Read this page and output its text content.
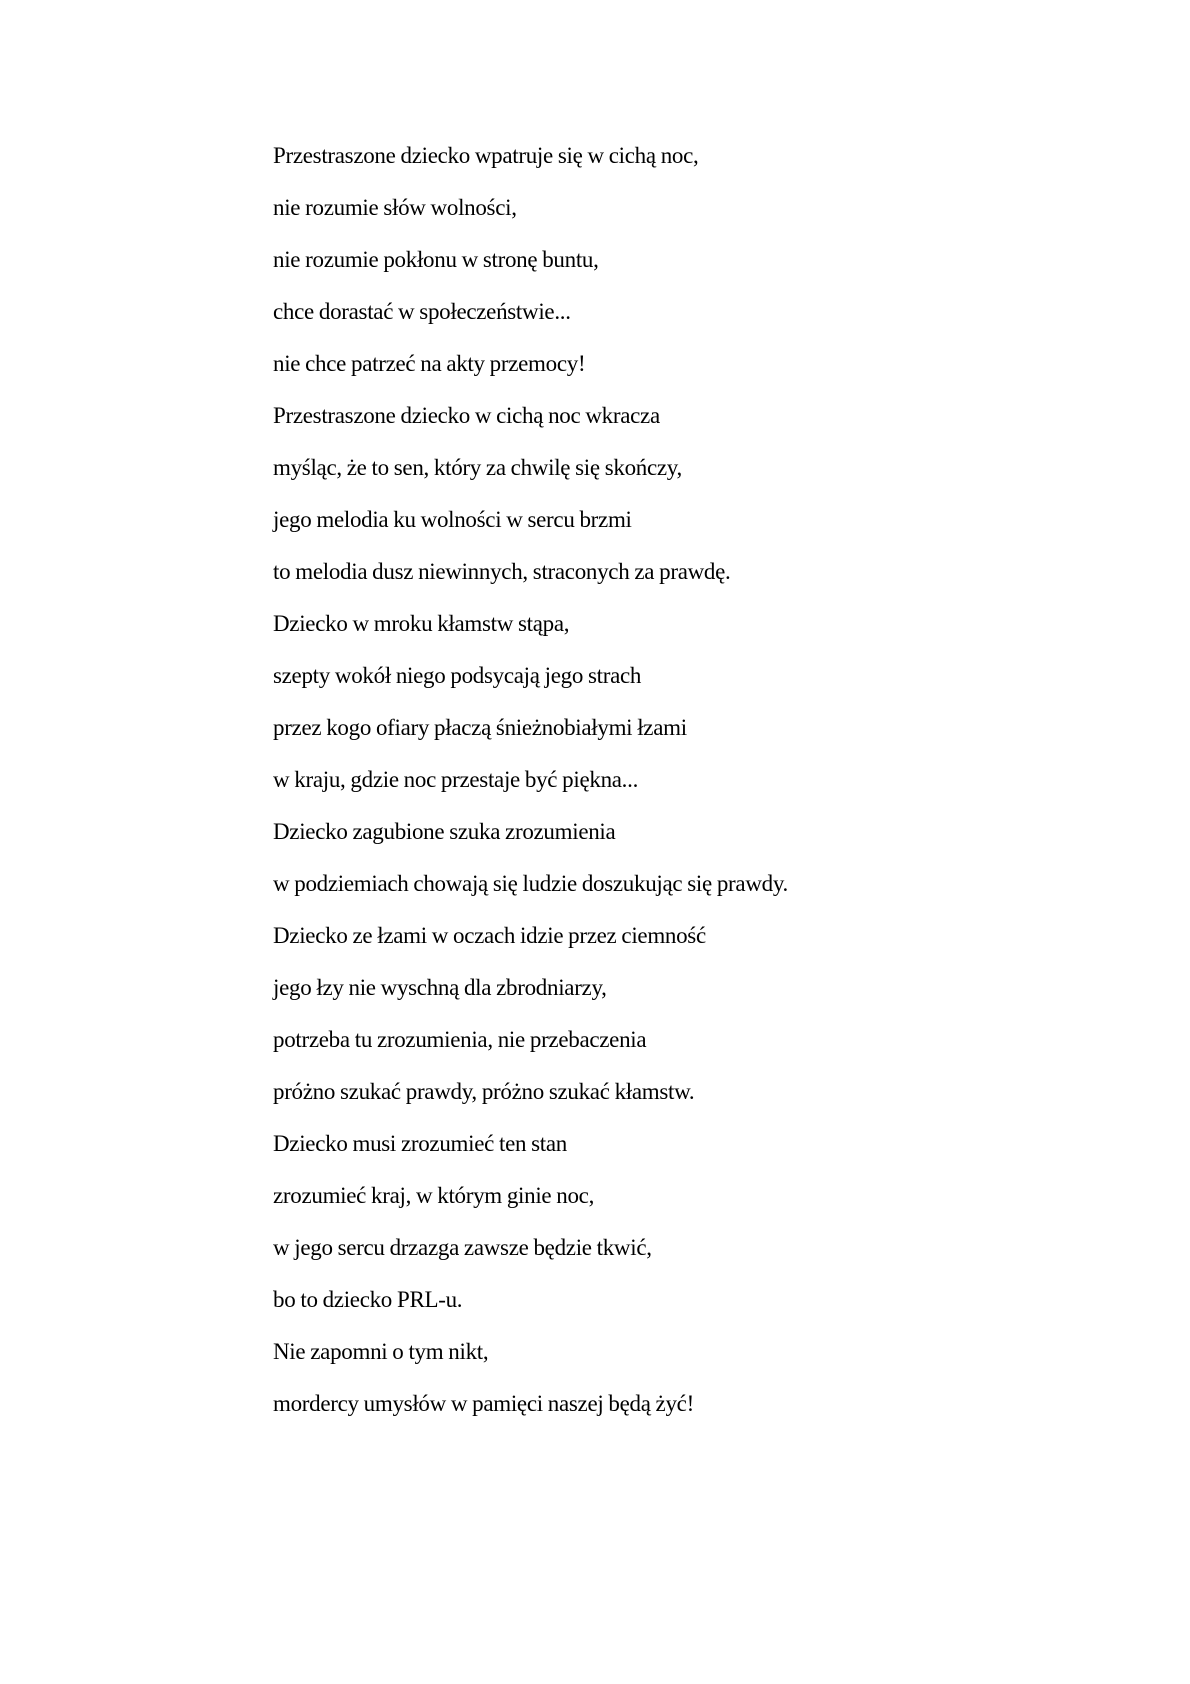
Przestraszone dziecko wpatruje się w cichą noc,
nie rozumie słów wolności,
nie rozumie pokłonu w stronę buntu,
chce dorastać w społeczeństwie...
nie chce patrzeć na akty przemocy!
Przestraszone dziecko w cichą noc wkracza
myśląc, że to sen, który za chwilę się skończy,
jego melodia ku wolności w sercu brzmi
to melodia dusz niewinnych, straconych za prawdę.
Dziecko w mroku kłamstw stąpa,
szepty wokół niego podsycają jego strach
przez kogo ofiary płaczą śnieżnobiałymi łzami
w kraju, gdzie noc przestaje być piękna...
Dziecko zagubione szuka zrozumienia
w podziemiach chowają się ludzie doszukując się prawdy.
Dziecko ze łzami w oczach idzie przez ciemność
jego łzy nie wyschną dla zbrodniarzy,
potrzeba tu zrozumienia, nie przebaczenia
próżno szukać prawdy, próżno szukać kłamstw.
Dziecko musi zrozumieć ten stan
zrozumieć kraj, w którym ginie noc,
w jego sercu drzazga zawsze będzie tkwić,
bo to dziecko PRL-u.
Nie zapomni o tym nikt,
mordercy umysłów w pamięci naszej będą żyć!
